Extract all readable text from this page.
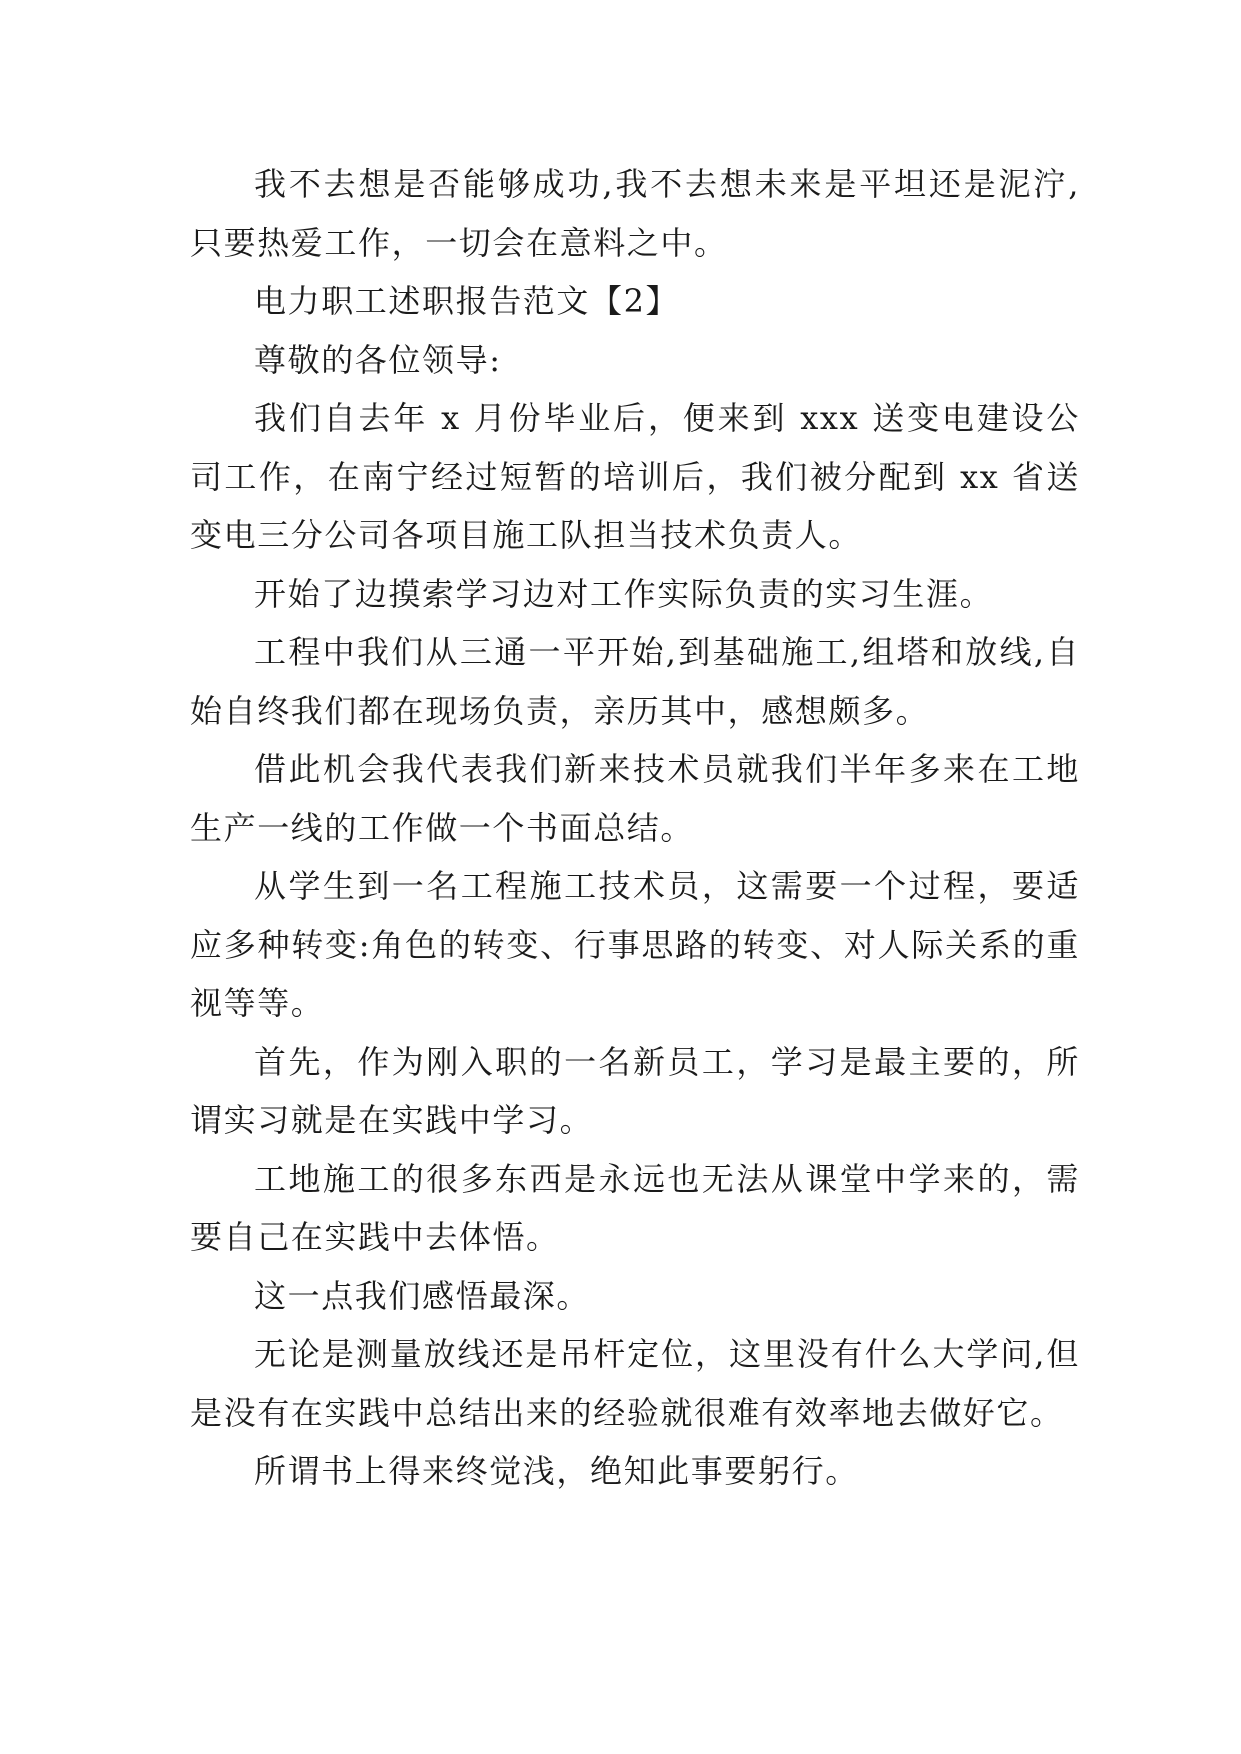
我不去想是否能够成功,我不去想未来是平坦还是泥泞,只要热爱工作，一切会在意料之中。

电力职工述职报告范文【2】

尊敬的各位领导:

我们自去年 x 月份毕业后，便来到 xxx 送变电建设公司工作，在南宁经过短暂的培训后，我们被分配到 xx 省送变电三分公司各项目施工队担当技术负责人。

开始了边摸索学习边对工作实际负责的实习生涯。

工程中我们从三通一平开始,到基础施工,组塔和放线,自始自终我们都在现场负责，亲历其中，感想颇多。

借此机会我代表我们新来技术员就我们半年多来在工地生产一线的工作做一个书面总结。

从学生到一名工程施工技术员，这需要一个过程，要适应多种转变:角色的转变、行事思路的转变、对人际关系的重视等等。

首先，作为刚入职的一名新员工，学习是最主要的，所谓实习就是在实践中学习。

工地施工的很多东西是永远也无法从课堂中学来的，需要自己在实践中去体悟。

这一点我们感悟最深。

无论是测量放线还是吊杆定位，这里没有什么大学问,但是没有在实践中总结出来的经验就很难有效率地去做好它。

所谓书上得来终觉浅，绝知此事要躬行。
